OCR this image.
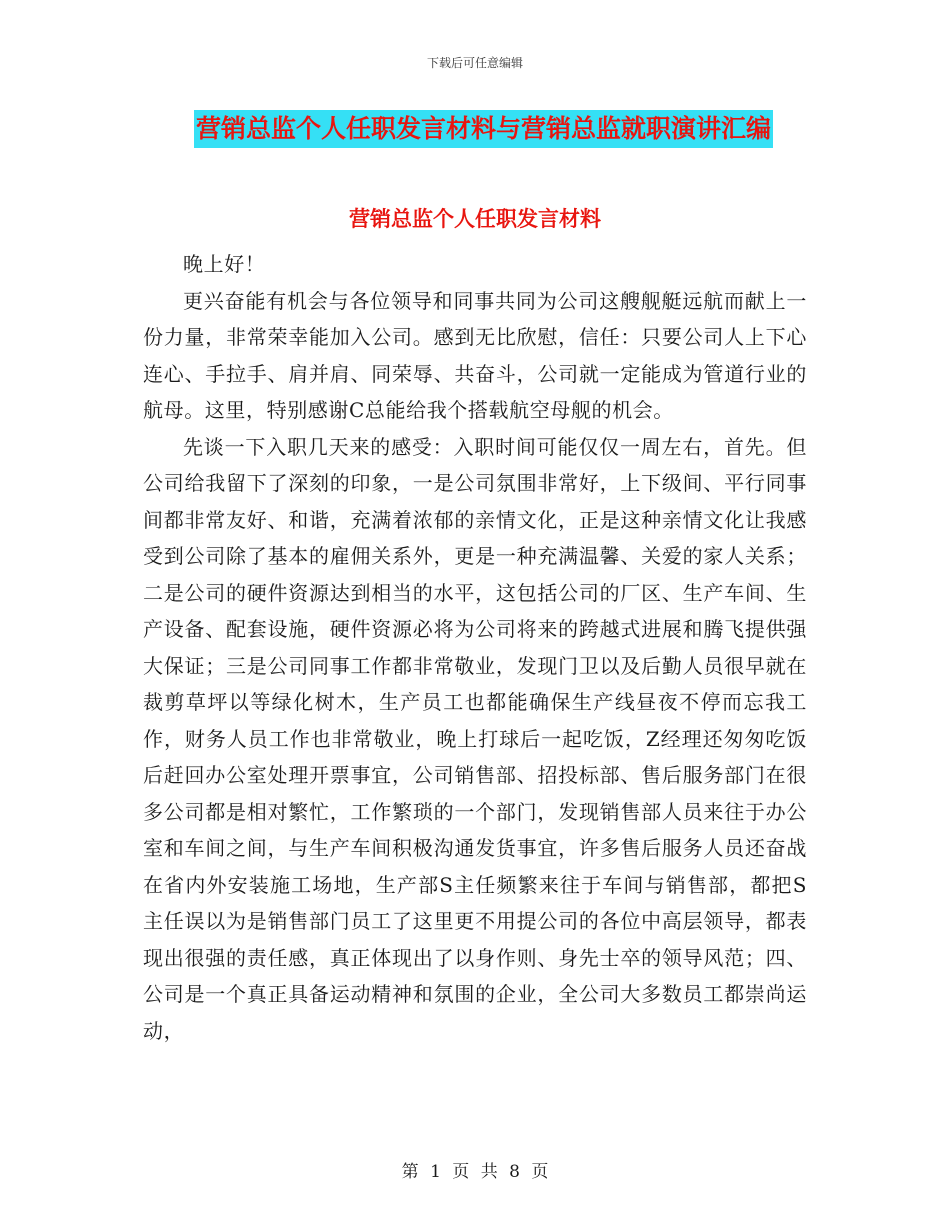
下载后可任意编辑
营销总监个人任职发言材料与营销总监就职演讲汇编
营销总监个人任职发言材料

晚上好！

更兴奋能有机会与各位领导和同事共同为公司这艘舰艇远航而献上一份力量，非常荣幸能加入公司。感到无比欣慰，信任：只要公司人上下心连心、手拉手、肩并肩、同荣辱、共奋斗，公司就一定能成为管道行业的航母。这里，特别感谢C总能给我个搭载航空母舰的机会。

先谈一下入职几天来的感受：入职时间可能仅仅一周左右，首先。但公司给我留下了深刻的印象，一是公司氛围非常好，上下级间、平行同事间都非常友好、和谐，充满着浓郁的亲情文化，正是这种亲情文化让我感受到公司除了基本的雇佣关系外，更是一种充满温馨、关爱的家人关系；二是公司的硬件资源达到相当的水平，这包括公司的厂区、生产车间、生产设备、配套设施，硬件资源必将为公司将来的跨越式进展和腾飞提供强大保证；三是公司同事工作都非常敬业，发现门卫以及后勤人员很早就在裁剪草坪以等绿化树木，生产员工也都能确保生产线昼夜不停而忘我工作，财务人员工作也非常敬业，晚上打球后一起吃饭，Z经理还匆匆吃饭后赶回办公室处理开票事宜，公司销售部、招投标部、售后服务部门在很多公司都是相对繁忙，工作繁琐的一个部门，发现销售部人员来往于办公室和车间之间，与生产车间积极沟通发货事宜，许多售后服务人员还奋战在省内外安装施工场地，生产部S主任频繁来往于车间与销售部，都把S主任误以为是销售部门员工了这里更不用提公司的各位中高层领导，都表现出很强的责任感，真正体现出了以身作则、身先士卒的领导风范；四、公司是一个真正具备运动精神和氛围的企业，全公司大多数员工都崇尚运动，

第 1 页 共 8 页
